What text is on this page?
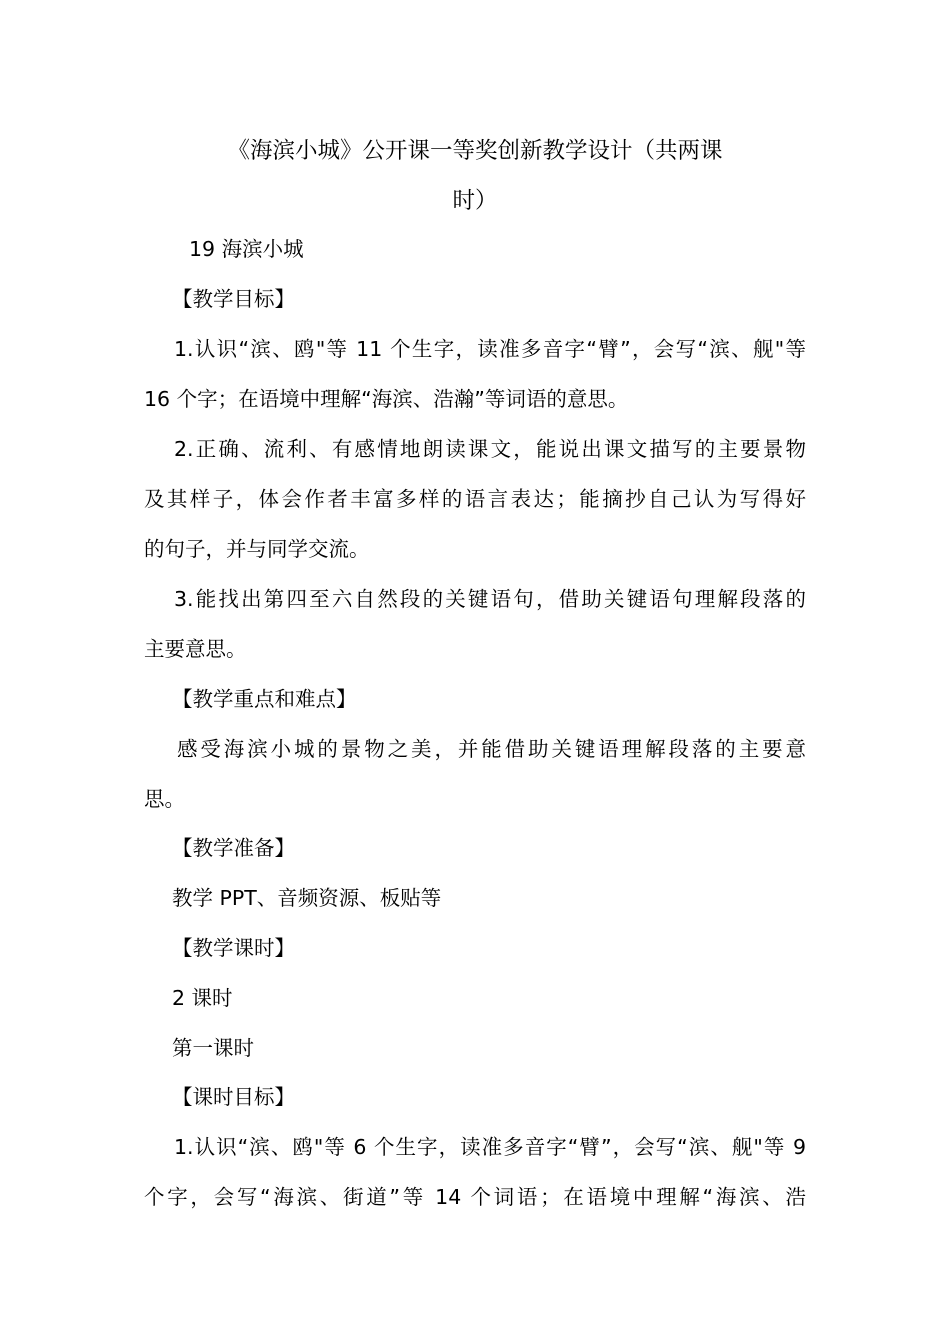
《海滨小城》公开课一等奖创新教学设计（共两课
时）
19 海滨小城
【教学目标】
1.认识“滨、鸥"等 11 个生字，读准多音字“臂”，会写“滨、舰"等
16 个字；在语境中理解“海滨、浩瀚”等词语的意思。
2.正确、流利、有感情地朗读课文，能说出课文描写的主要景物
及其样子，体会作者丰富多样的语言表达；能摘抄自己认为写得好
的句子，并与同学交流。
3.能找出第四至六自然段的关键语句，借助关键语句理解段落的
主要意思。
【教学重点和难点】
感受海滨小城的景物之美，并能借助关键语理解段落的主要意
思。
【教学准备】
教学 PPT、音频资源、板贴等
【教学课时】
2 课时
第一课时
【课时目标】
1.认识“滨、鸥"等 6 个生字，读准多音字“臂”，会写“滨、舰"等 9
个字，会写“海滨、街道”等 14 个词语；在语境中理解“海滨、浩
